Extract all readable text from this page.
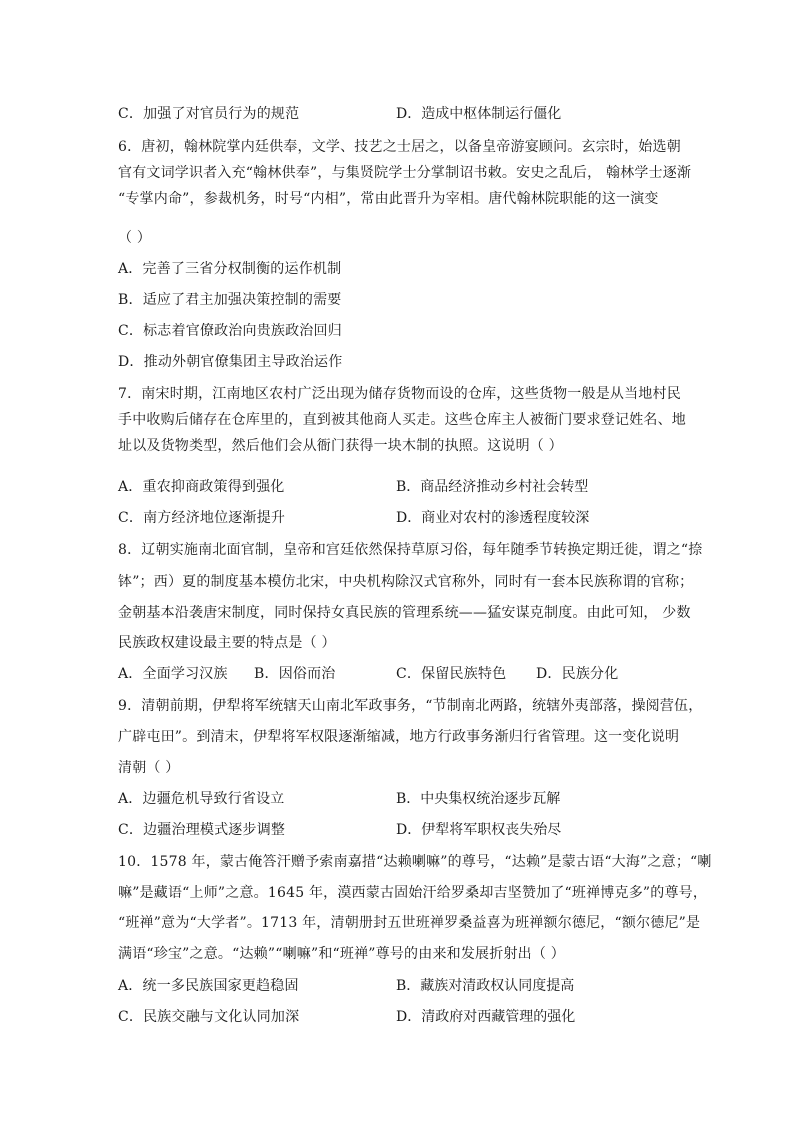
C．加强了对官员行为的规范	D．造成中枢体制运行僵化
6．唐初，翰林院掌内廷供奉，文学、技艺之士居之，以备皇帝游宴顾问。玄宗时，始选朝
官有文词学识者入充“翰林供奉”，与集贤院学士分掌制诏书敕。安史之乱后， 翰林学士逐渐
“专掌内命”，参裁机务，时号“内相”，常由此晋升为宰相。唐代翰林院职能的这一演变
（ ）
A．完善了三省分权制衡的运作机制
B．适应了君主加强决策控制的需要
C．标志着官僚政治向贵族政治回归
D．推动外朝官僚集团主导政治运作
7．南宋时期，江南地区农村广泛出现为储存货物而设的仓库，这些货物一般是从当地村民
手中收购后储存在仓库里的，直到被其他商人买走。这些仓库主人被衙门要求登记姓名、地
址以及货物类型，然后他们会从衙门获得一块木制的执照。这说明（ ）
A．重农抑商政策得到强化	B．商品经济推动乡村社会转型
C．南方经济地位逐渐提升	D．商业对农村的渗透程度较深
8．辽朝实施南北面官制，皇帝和宫廷依然保持草原习俗，每年随季节转换定期迁徙，谓之“捺
钵”；西）夏的制度基本模仿北宋，中央机构除汉式官称外，同时有一套本民族称谓的官称；
金朝基本沿袭唐宋制度，同时保持女真民族的管理系统——猛安谋克制度。由此可知， 少数
民族政权建设最主要的特点是（ ）
A．全面学习汉族 B．因俗而治	C．保留民族特色 D．民族分化
9．清朝前期，伊犁将军统辖天山南北军政事务，“节制南北两路，统辖外夷部落，操阅营伍，
广辟屯田”。到清末，伊犁将军权限逐渐缩减，地方行政事务渐归行省管理。这一变化说明
清朝（ ）
A．边疆危机导致行省设立	B．中央集权统治逐步瓦解
C．边疆治理模式逐步调整	D．伊犁将军职权丧失殆尽
10．1578 年，蒙古俺答汗赠予索南嘉措“达赖喇嘛”的尊号，“达赖”是蒙古语“大海”之意；“喇
嘛”是藏语“上师”之意。1645 年，漠西蒙古固始汗给罗桑却吉坚赞加了“班禅博克多”的尊号，
“班禅”意为“大学者”。1713 年，清朝册封五世班禅罗桑益喜为班禅额尔德尼，“额尔德尼”是
满语“珍宝”之意。“达赖”“喇嘛”和“班禅”尊号的由来和发展折射出（ ）
A．统一多民族国家更趋稳固	B．藏族对清政权认同度提高
C．民族交融与文化认同加深	D．清政府对西藏管理的强化
